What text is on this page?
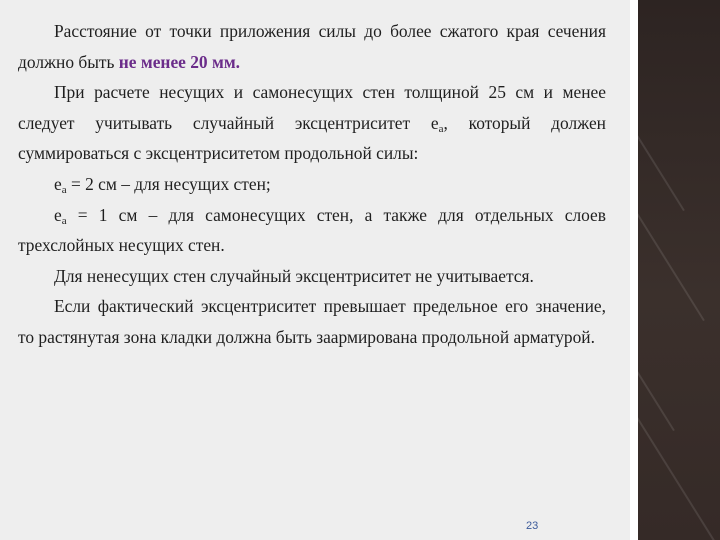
Расстояние от точки приложения силы до более сжатого края сечения должно быть не менее 20 мм.

При расчете несущих и самонесущих стен толщиной 25 см и менее следует учитывать случайный эксцентриситет $е_а$, который должен суммироваться с эксцентриситетом продольной силы:

$е_а = 2$ см – для несущих стен;

$е_а = 1$ см – для самонесущих стен, а также для отдельных слоев трехслойных несущих стен.

Для ненесущих стен случайный эксцентриситет не учитывается.

Если фактический эксцентриситет превышает предельное его значение, то растянутая зона кладки должна быть заармирована продольной арматурой.

23
